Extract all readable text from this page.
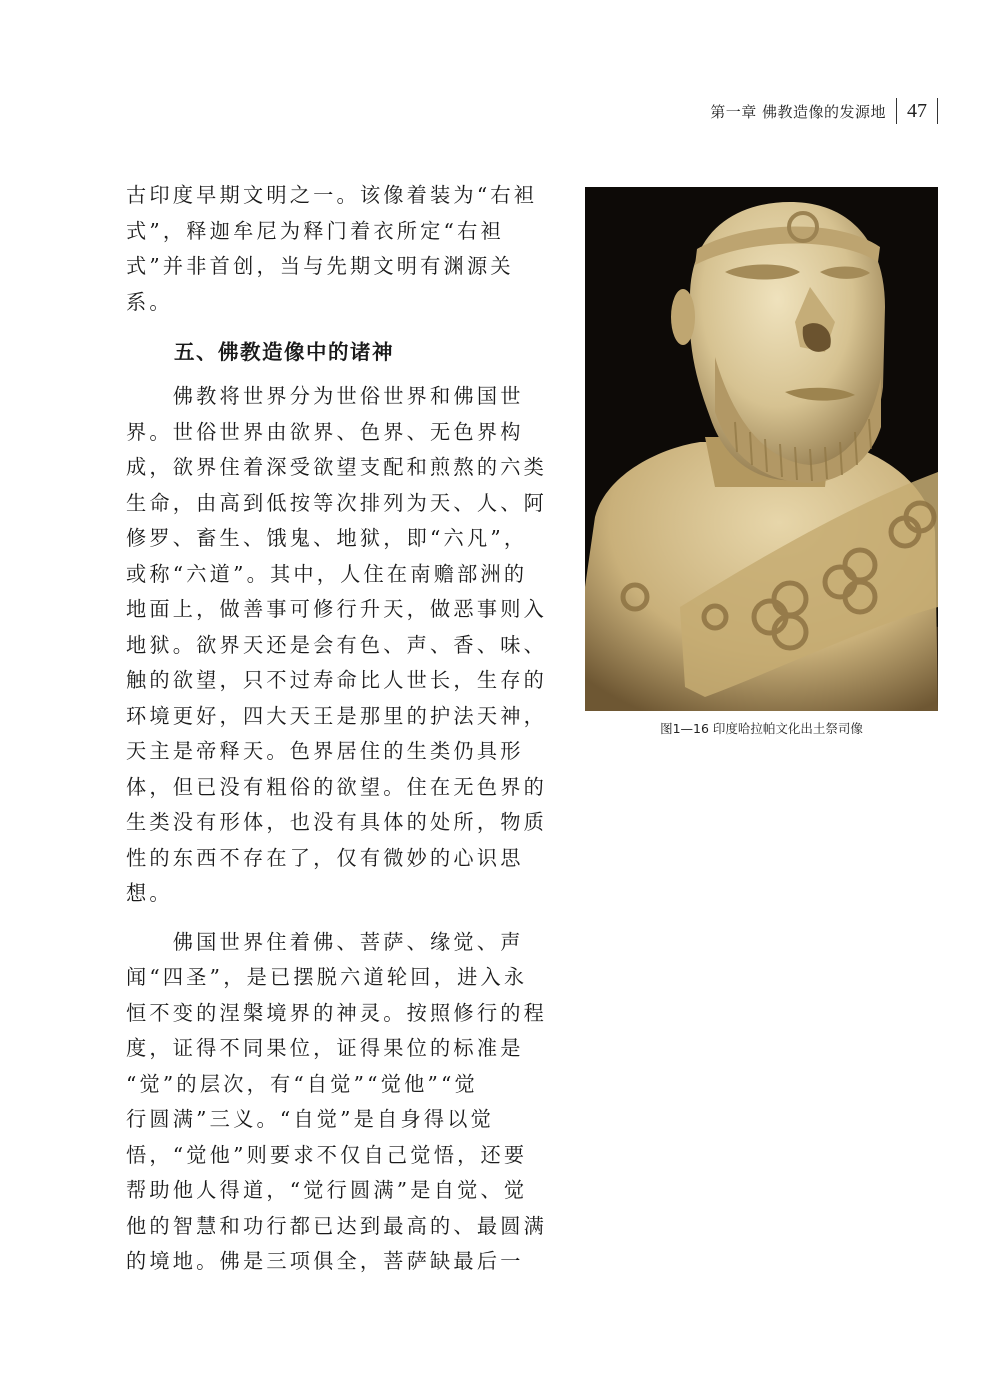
第一章 佛教造像的发源地 47

古印度早期文明之一。该像着装为“右袒
式”，释迦牟尼为释门着衣所定“右袒
式”并非首创，当与先期文明有渊源关
系。

五、佛教造像中的诸神

　　佛教将世界分为世俗世界和佛国世
界。世俗世界由欲界、色界、无色界构
成，欲界住着深受欲望支配和煎熬的六类
生命，由高到低按等次排列为天、人、阿
修罗、畜生、饿鬼、地狱，即“六凡”，
或称“六道”。其中，人住在南赡部洲的
地面上，做善事可修行升天，做恶事则入
地狱。欲界天还是会有色、声、香、味、
触的欲望，只不过寿命比人世长，生存的
环境更好，四大天王是那里的护法天神，
天主是帝释天。色界居住的生类仍具形
体，但已没有粗俗的欲望。住在无色界的
生类没有形体，也没有具体的处所，物质
性的东西不存在了，仅有微妙的心识思
想。

　　佛国世界住着佛、菩萨、缘觉、声
闻“四圣”，是已摆脱六道轮回，进入永
恒不变的涅槃境界的神灵。按照修行的程
度，证得不同果位，证得果位的标准是
“觉”的层次，有“自觉”“觉他”“觉
行圆满”三义。“自觉”是自身得以觉
悟，“觉他”则要求不仅自己觉悟，还要
帮助他人得道，“觉行圆满”是自觉、觉
他的智慧和功行都已达到最高的、最圆满
的境地。佛是三项俱全，菩萨缺最后一

图1—16 印度哈拉帕文化出土祭司像
